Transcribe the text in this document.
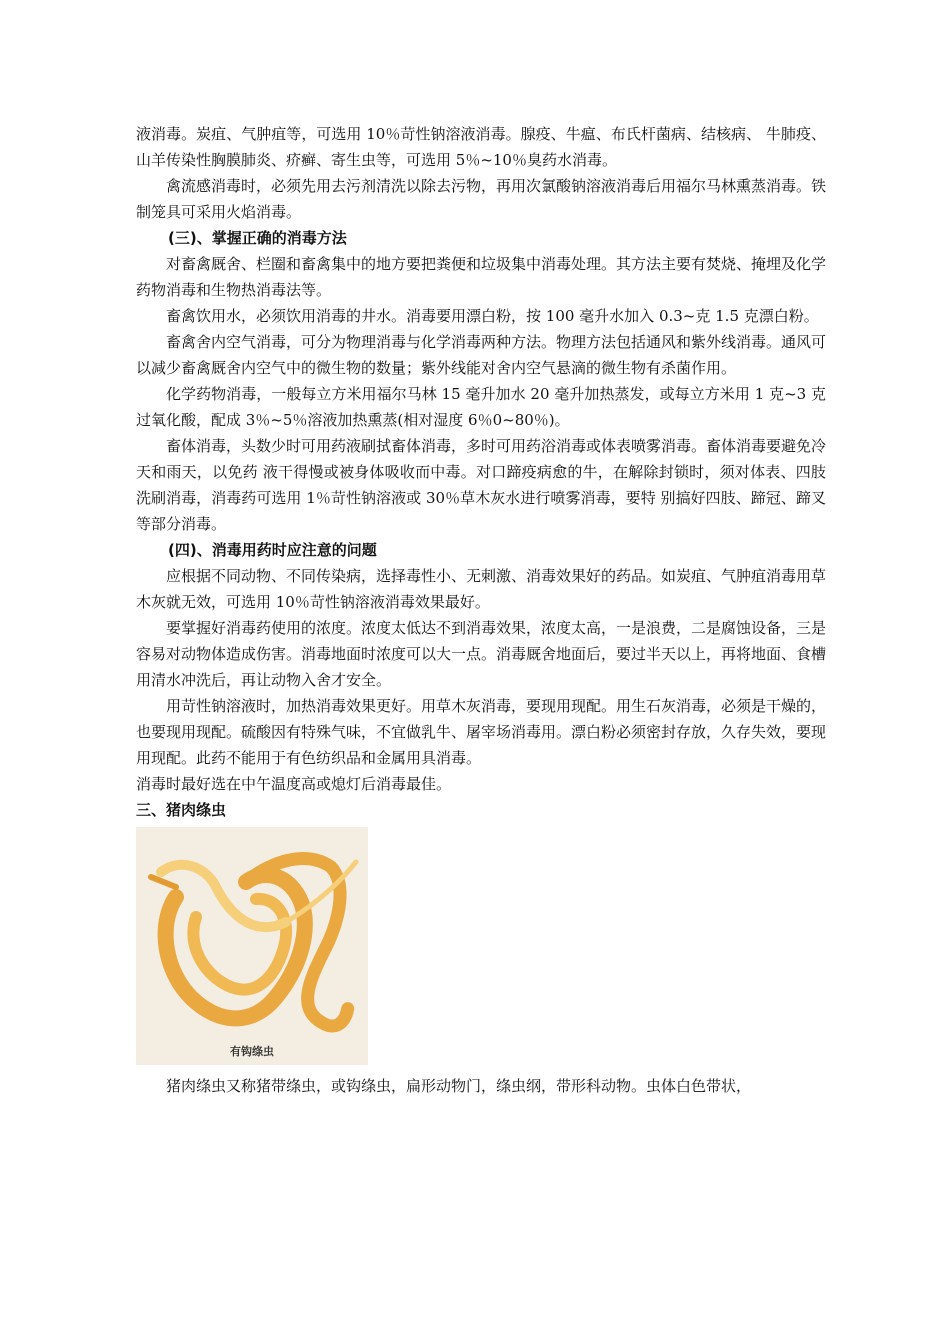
液消毒。炭疽、气肿疽等，可选用 10％苛性钠溶液消毒。腺疫、牛瘟、布氏杆菌病、结核病、 牛肺疫、山羊传染性胸膜肺炎、疥癣、寄生虫等，可选用 5％~10％臭药水消毒。

禽流感消毒时，必须先用去污剂清洗以除去污物，再用次氯酸钠溶液消毒后用福尔马林熏蒸消毒。铁制笼具可采用火焰消毒。

(三)、掌握正确的消毒方法

对畜禽厩舍、栏圈和畜禽集中的地方要把粪便和垃圾集中消毒处理。其方法主要有焚烧、掩埋及化学药物消毒和生物热消毒法等。

畜禽饮用水，必须饮用消毒的井水。消毒要用漂白粉，按 100 毫升水加入 0.3~克 1.5 克漂白粉。

畜禽舍内空气消毒，可分为物理消毒与化学消毒两种方法。物理方法包括通风和紫外线消毒。通风可以减少畜禽厩舍内空气中的微生物的数量；紫外线能对舍内空气悬滴的微生物有杀菌作用。

化学药物消毒，一般每立方米用福尔马林 15 毫升加水 20 毫升加热蒸发，或每立方米用 1 克~3 克过氧化酸，配成 3％~5％溶液加热熏蒸(相对湿度 6％0~80％)。

畜体消毒，头数少时可用药液刷拭畜体消毒，多时可用药浴消毒或体表喷雾消毒。畜体消毒要避免冷天和雨天，以免药 液干得慢或被身体吸收而中毒。对口蹄疫病愈的牛，在解除封锁时，须对体表、四肢洗刷消毒，消毒药可选用 1％苛性钠溶液或 30％草木灰水进行喷雾消毒，要特 别搞好四肢、蹄冠、蹄叉等部分消毒。

(四)、消毒用药时应注意的问题

应根据不同动物、不同传染病，选择毒性小、无刺激、消毒效果好的药品。如炭疽、气肿疽消毒用草木灰就无效，可选用 10％苛性钠溶液消毒效果最好。

要掌握好消毒药使用的浓度。浓度太低达不到消毒效果，浓度太高，一是浪费，二是腐蚀设备，三是容易对动物体造成伤害。消毒地面时浓度可以大一点。消毒厩舍地面后，要过半天以上，再将地面、食槽用清水冲洗后，再让动物入舍才安全。

用苛性钠溶液时，加热消毒效果更好。用草木灰消毒，要现用现配。用生石灰消毒，必须是干燥的，也要现用现配。硫酸因有特殊气味，不宜做乳牛、屠宰场消毒用。漂白粉必须密封存放，久存失效，要现用现配。此药不能用于有色纺织品和金属用具消毒。

消毒时最好选在中午温度高或熄灯后消毒最佳。

三、猪肉绦虫

有钩绦虫

猪肉绦虫又称猪带绦虫，或钩绦虫，扁形动物门，绦虫纲，带形科动物。虫体白色带状，
